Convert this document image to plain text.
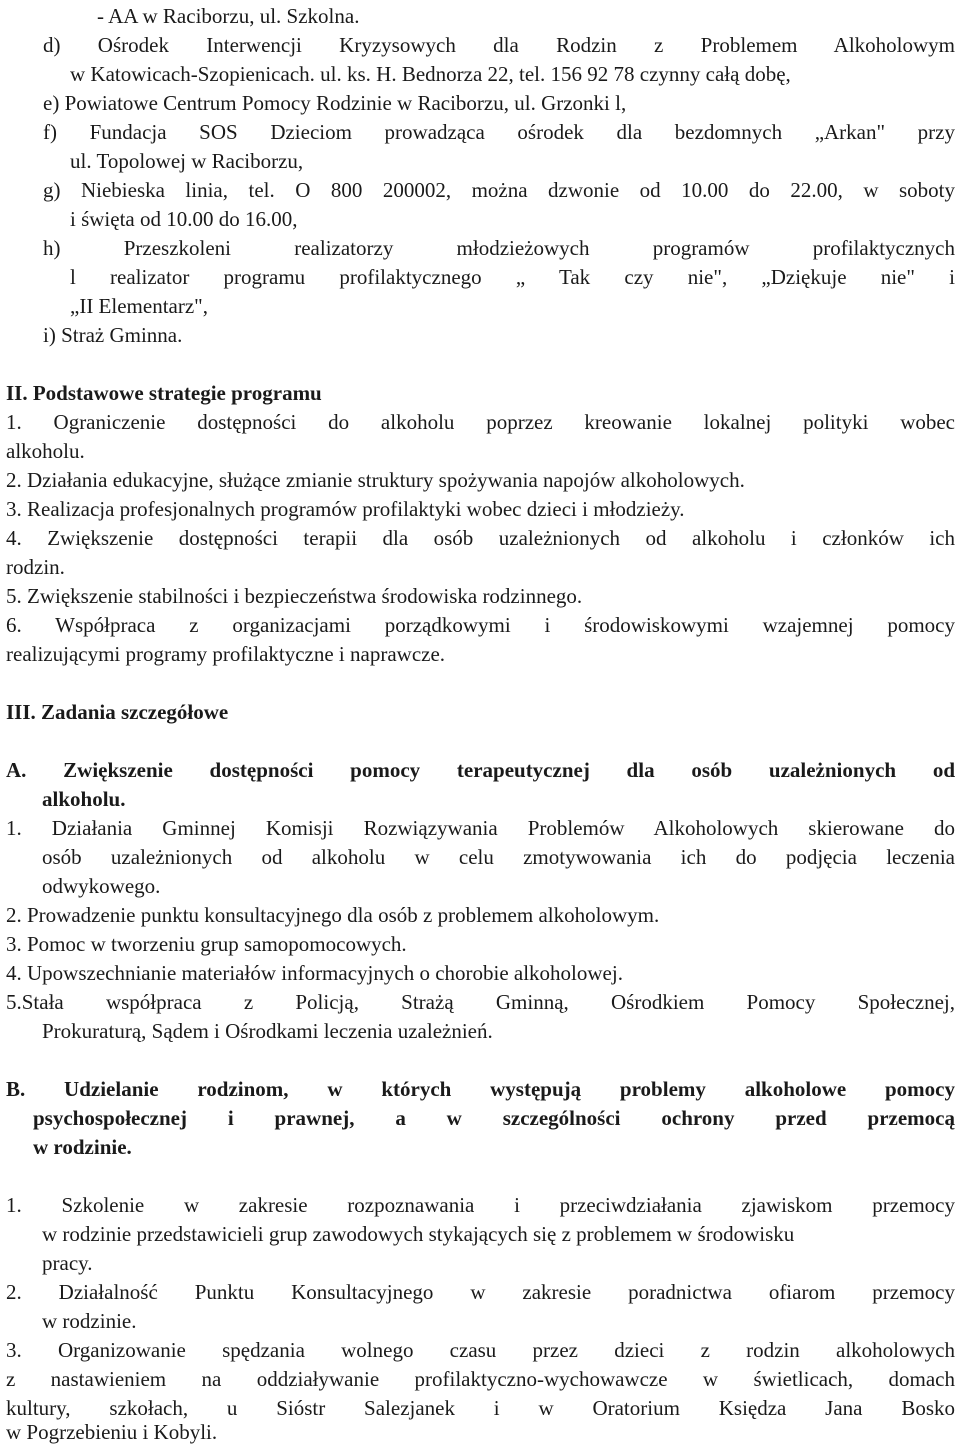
- AA w Raciborzu, ul. Szkolna.

d) Ośrodek Interwencji Kryzysowych dla Rodzin z Problemem Alkoholowym

w Katowicach-Szopienicach. ul. ks. H. Bednorza 22, tel. 156 92 78 czynny całą dobę,

e) Powiatowe Centrum Pomocy Rodzinie w Raciborzu, ul. Grzonki l,

f) Fundacja SOS Dzieciom prowadząca ośrodek dla bezdomnych „Arkan" przy

ul. Topolowej w Raciborzu,

g) Niebieska linia, tel. O 800 200002, można dzwonie od 10.00 do 22.00, w soboty

i święta od 10.00 do 16.00,

h) Przeszkoleni realizatorzy młodzieżowych programów profilaktycznych

l realizator programu profilaktycznego „ Tak czy nie", „Dziękuje nie" i

„II Elementarz",

i) Straż Gminna.

II. Podstawowe strategie programu

1. Ograniczenie dostępności do alkoholu poprzez kreowanie lokalnej polityki wobec

alkoholu.

2. Działania edukacyjne, służące zmianie struktury spożywania napojów alkoholowych.

3. Realizacja profesjonalnych programów profilaktyki wobec dzieci i młodzieży.

4. Zwiększenie dostępności terapii dla osób uzależnionych od alkoholu i członków ich

rodzin.

5. Zwiększenie stabilności i bezpieczeństwa środowiska rodzinnego.

6. Współpraca z organizacjami porządkowymi i środowiskowymi wzajemnej pomocy

realizującymi programy profilaktyczne i naprawcze.

III. Zadania szczegółowe

A. Zwiększenie dostępności pomocy terapeutycznej dla osób uzależnionych od

alkoholu.

1. Działania Gminnej Komisji Rozwiązywania Problemów Alkoholowych skierowane do

osób uzależnionych od alkoholu w celu zmotywowania ich do podjęcia leczenia

odwykowego.

2. Prowadzenie punktu konsultacyjnego dla osób z problemem alkoholowym.

3. Pomoc w tworzeniu grup samopomocowych.

4. Upowszechnianie materiałów informacyjnych o chorobie alkoholowej.

5.Stała współpraca z Policją, Strażą Gminną, Ośrodkiem Pomocy Społecznej,

Prokuraturą, Sądem i Ośrodkami leczenia uzależnień.

B. Udzielanie rodzinom, w których występują problemy alkoholowe pomocy

psychospołecznej i prawnej, a w szczególności ochrony przed przemocą

w rodzinie.

1. Szkolenie w zakresie rozpoznawania i przeciwdziałania zjawiskom przemocy

w rodzinie przedstawicieli grup zawodowych stykających się z problemem w środowisku

pracy.

2. Działalność Punktu Konsultacyjnego w zakresie poradnictwa ofiarom przemocy

w rodzinie.

3. Organizowanie spędzania wolnego czasu przez dzieci z rodzin alkoholowych

z nastawieniem na oddziaływanie profilaktyczno-wychowawcze w świetlicach, domach

kultury, szkołach, u Sióstr Salezjanek i w Oratorium Księdza Jana Bosko

w Pogrzebieniu i Kobyli.
